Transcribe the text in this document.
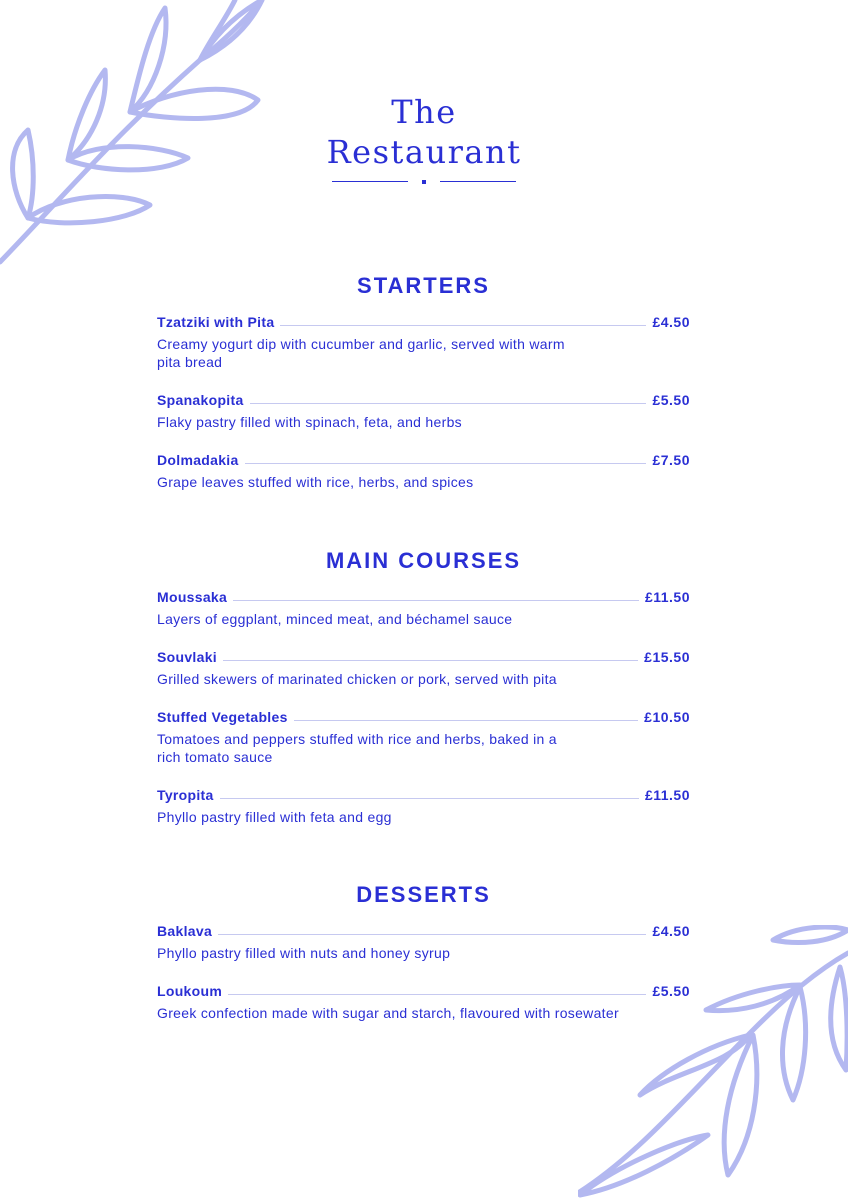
The
Restaurant
STARTERS
Tzatziki with Pita	£4.50
Creamy yogurt dip with cucumber and garlic, served with warm pita bread
Spanakopita	£5.50
Flaky pastry filled with spinach, feta, and herbs
Dolmadakia	£7.50
Grape leaves stuffed with rice, herbs, and spices
MAIN COURSES
Moussaka	£11.50
Layers of eggplant, minced meat, and béchamel sauce
Souvlaki	£15.50
Grilled skewers of marinated chicken or pork, served with pita
Stuffed Vegetables	£10.50
Tomatoes and peppers stuffed with rice and herbs, baked in a rich tomato sauce
Tyropita	£11.50
Phyllo pastry filled with feta and egg
DESSERTS
Baklava	£4.50
Phyllo pastry filled with nuts and honey syrup
Loukoum	£5.50
Greek confection made with sugar and starch, flavoured with rosewater
